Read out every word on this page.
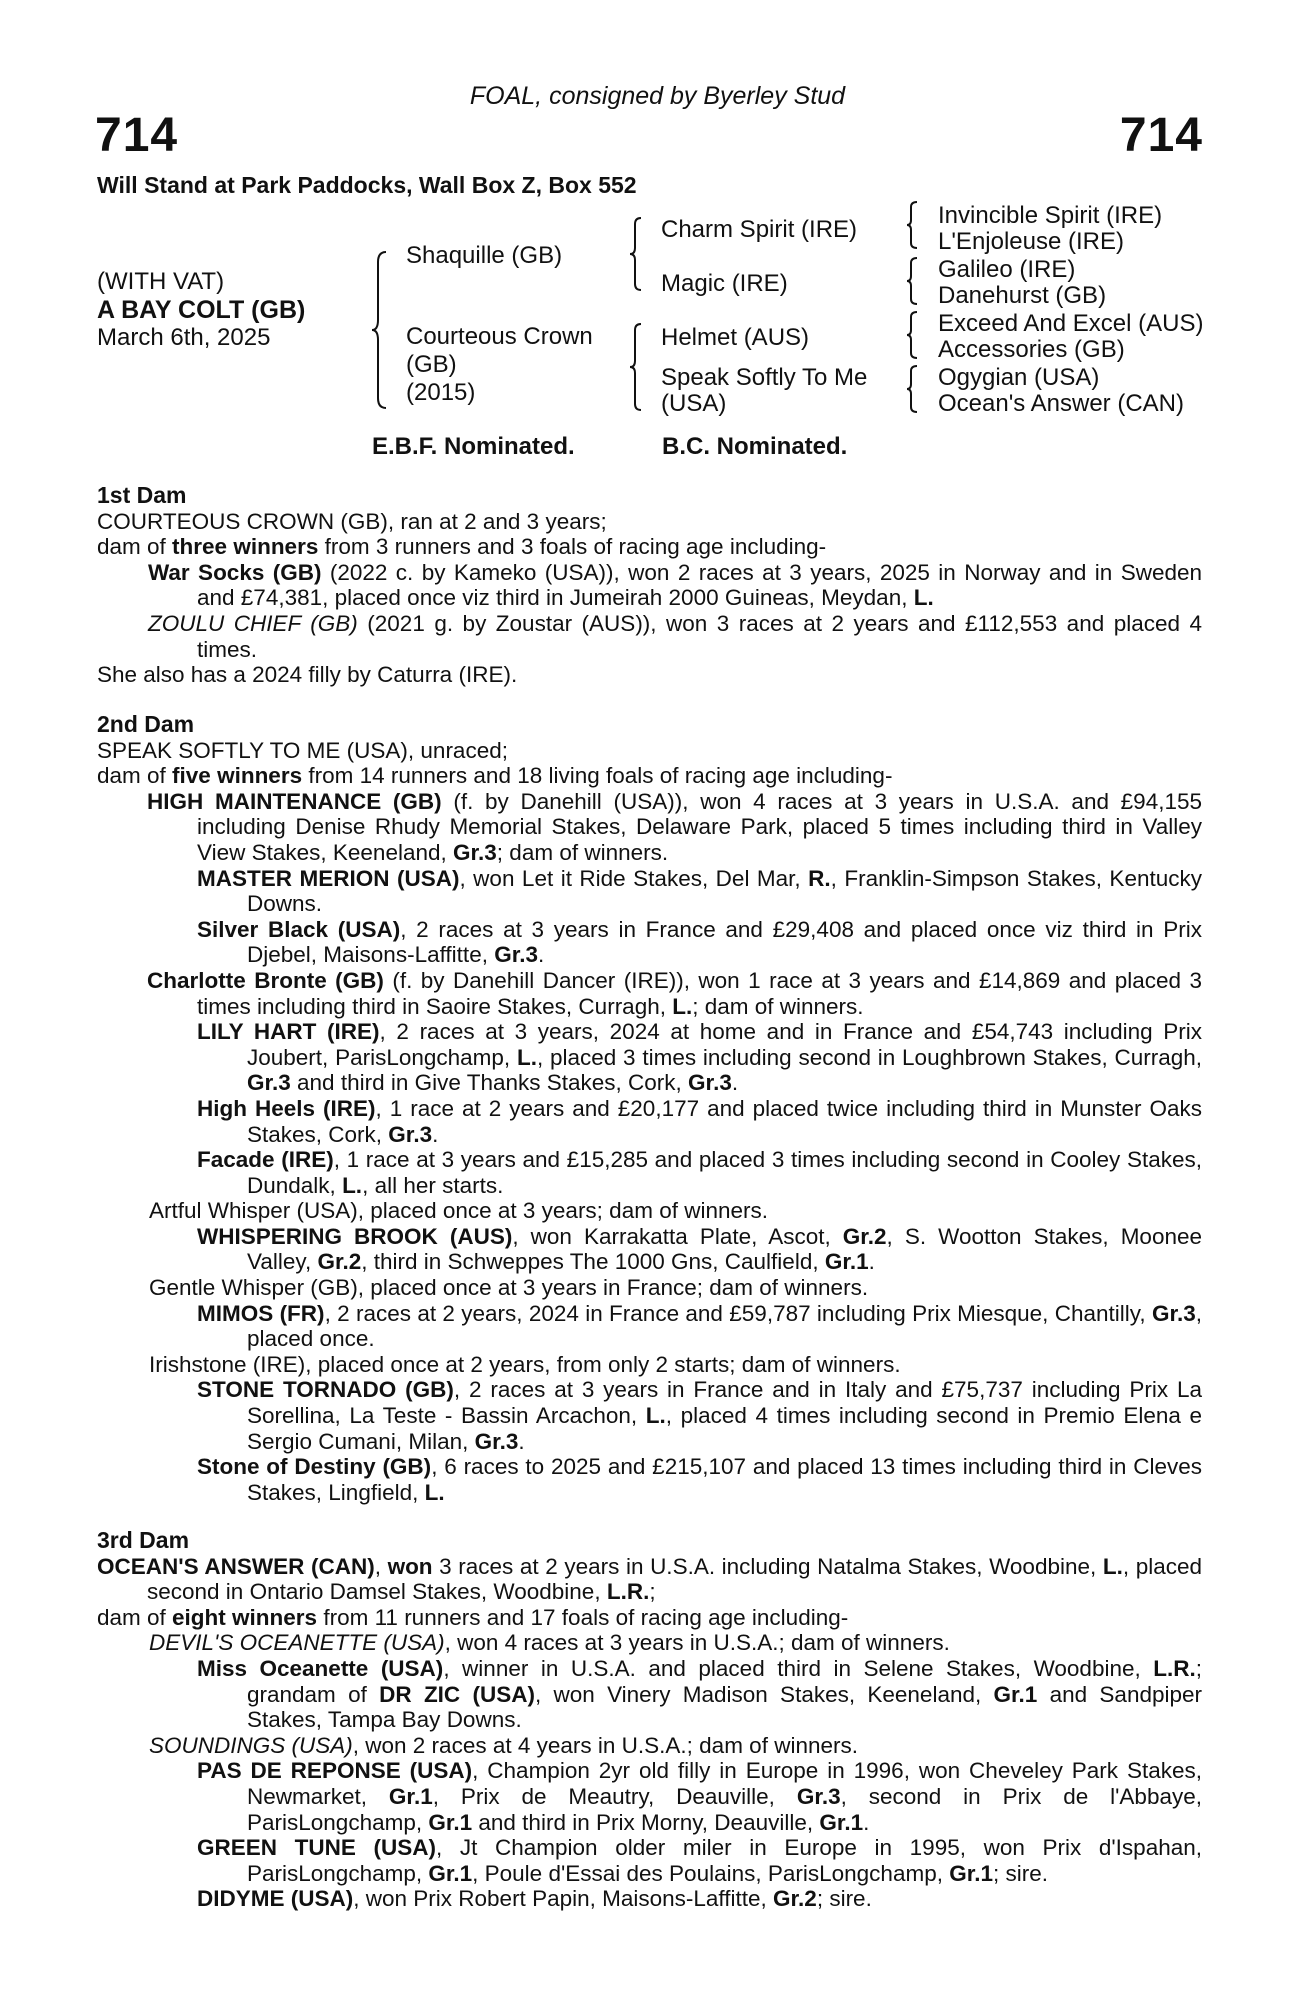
FOAL, consigned by Byerley Stud
714	714
Will Stand at Park Paddocks, Wall Box Z, Box 552
(WITH VAT)
A BAY COLT (GB)
March 6th, 2025
Shaquille (GB)
Courteous Crown
(GB)
(2015)
Charm Spirit (IRE)
Magic (IRE)
Helmet (AUS)
Speak Softly To Me
(USA)
Invincible Spirit (IRE)
L'Enjoleuse (IRE)
Galileo (IRE)
Danehurst (GB)
Exceed And Excel (AUS)
Accessories (GB)
Ogygian (USA)
Ocean's Answer (CAN)
E.B.F. Nominated.	B.C. Nominated.

1st Dam

COURTEOUS CROWN (GB), ran at 2 and 3 years;

dam of three winners from 3 runners and 3 foals of racing age including-

War Socks (GB) (2022 c. by Kameko (USA)), won 2 races at 3 years, 2025 in Norway and in Sweden and £74,381, placed once viz third in Jumeirah 2000 Guineas, Meydan, L.

ZOULU CHIEF (GB) (2021 g. by Zoustar (AUS)), won 3 races at 2 years and £112,553 and placed 4 times.

She also has a 2024 filly by Caturra (IRE).

2nd Dam

SPEAK SOFTLY TO ME (USA), unraced;

dam of five winners from 14 runners and 18 living foals of racing age including-

HIGH MAINTENANCE (GB) (f. by Danehill (USA)), won 4 races at 3 years in U.S.A. and £94,155 including Denise Rhudy Memorial Stakes, Delaware Park, placed 5 times including third in Valley View Stakes, Keeneland, Gr.3; dam of winners.

MASTER MERION (USA), won Let it Ride Stakes, Del Mar, R., Franklin-Simpson Stakes, Kentucky Downs.

Silver Black (USA), 2 races at 3 years in France and £29,408 and placed once viz third in Prix Djebel, Maisons-Laffitte, Gr.3.

Charlotte Bronte (GB) (f. by Danehill Dancer (IRE)), won 1 race at 3 years and £14,869 and placed 3 times including third in Saoire Stakes, Curragh, L.; dam of winners.

LILY HART (IRE), 2 races at 3 years, 2024 at home and in France and £54,743 including Prix Joubert, ParisLongchamp, L., placed 3 times including second in Loughbrown Stakes, Curragh, Gr.3 and third in Give Thanks Stakes, Cork, Gr.3.

High Heels (IRE), 1 race at 2 years and £20,177 and placed twice including third in Munster Oaks Stakes, Cork, Gr.3.

Facade (IRE), 1 race at 3 years and £15,285 and placed 3 times including second in Cooley Stakes, Dundalk, L., all her starts.

Artful Whisper (USA), placed once at 3 years; dam of winners.

WHISPERING BROOK (AUS), won Karrakatta Plate, Ascot, Gr.2, S. Wootton Stakes, Moonee Valley, Gr.2, third in Schweppes The 1000 Gns, Caulfield, Gr.1.

Gentle Whisper (GB), placed once at 3 years in France; dam of winners.

MIMOS (FR), 2 races at 2 years, 2024 in France and £59,787 including Prix Miesque, Chantilly, Gr.3, placed once.

Irishstone (IRE), placed once at 2 years, from only 2 starts; dam of winners.

STONE TORNADO (GB), 2 races at 3 years in France and in Italy and £75,737 including Prix La Sorellina, La Teste - Bassin Arcachon, L., placed 4 times including second in Premio Elena e Sergio Cumani, Milan, Gr.3.

Stone of Destiny (GB), 6 races to 2025 and £215,107 and placed 13 times including third in Cleves Stakes, Lingfield, L.

3rd Dam

OCEAN'S ANSWER (CAN), won 3 races at 2 years in U.S.A. including Natalma Stakes, Woodbine, L., placed second in Ontario Damsel Stakes, Woodbine, L.R.;

dam of eight winners from 11 runners and 17 foals of racing age including-

DEVIL'S OCEANETTE (USA), won 4 races at 3 years in U.S.A.; dam of winners.

Miss Oceanette (USA), winner in U.S.A. and placed third in Selene Stakes, Woodbine, L.R.; grandam of DR ZIC (USA), won Vinery Madison Stakes, Keeneland, Gr.1 and Sandpiper Stakes, Tampa Bay Downs.

SOUNDINGS (USA), won 2 races at 4 years in U.S.A.; dam of winners.

PAS DE REPONSE (USA), Champion 2yr old filly in Europe in 1996, won Cheveley Park Stakes, Newmarket, Gr.1, Prix de Meautry, Deauville, Gr.3, second in Prix de l'Abbaye, ParisLongchamp, Gr.1 and third in Prix Morny, Deauville, Gr.1.

GREEN TUNE (USA), Jt Champion older miler in Europe in 1995, won Prix d'Ispahan, ParisLongchamp, Gr.1, Poule d'Essai des Poulains, ParisLongchamp, Gr.1; sire.

DIDYME (USA), won Prix Robert Papin, Maisons-Laffitte, Gr.2; sire.
